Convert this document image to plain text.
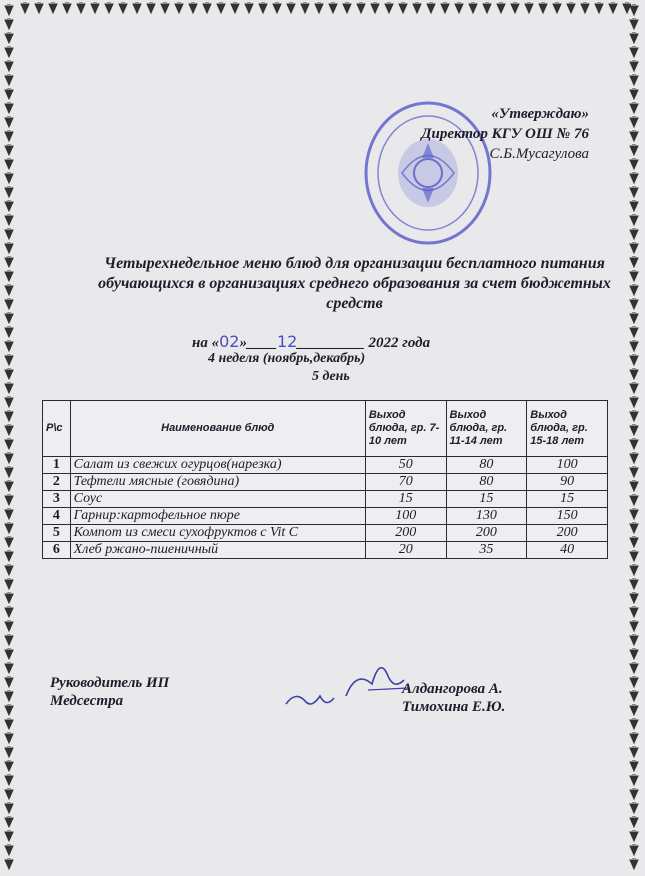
«Утверждаю»
Директор КГУ ОШ № 76
С.Б.Мусагулова
Четырехнедельное меню блюд для организации бесплатного питания обучающихся в организациях среднего образования за счет бюджетных средств
на «02»____12_________ 2022 года
4 неделя (ноябрь,декабрь)
5 день
Р\с	Наименование блюд	Выход блюда, гр. 7-10 лет	Выход блюда, гр. 11-14 лет	Выход блюда, гр. 15-18 лет
1	Салат из свежих огурцов(нарезка)	50	80	100
2	Тефтели мясные (говядина)	70	80	90
3	Соус	15	15	15
4	Гарнир:картофельное пюре	100	130	150
5	Компот из смеси сухофруктов с Vit C	200	200	200
6	Хлеб ржано-пшеничный	20	35	40
Руководитель ИП
Медсестра
Алдангорова А.
Тимохина Е.Ю.
